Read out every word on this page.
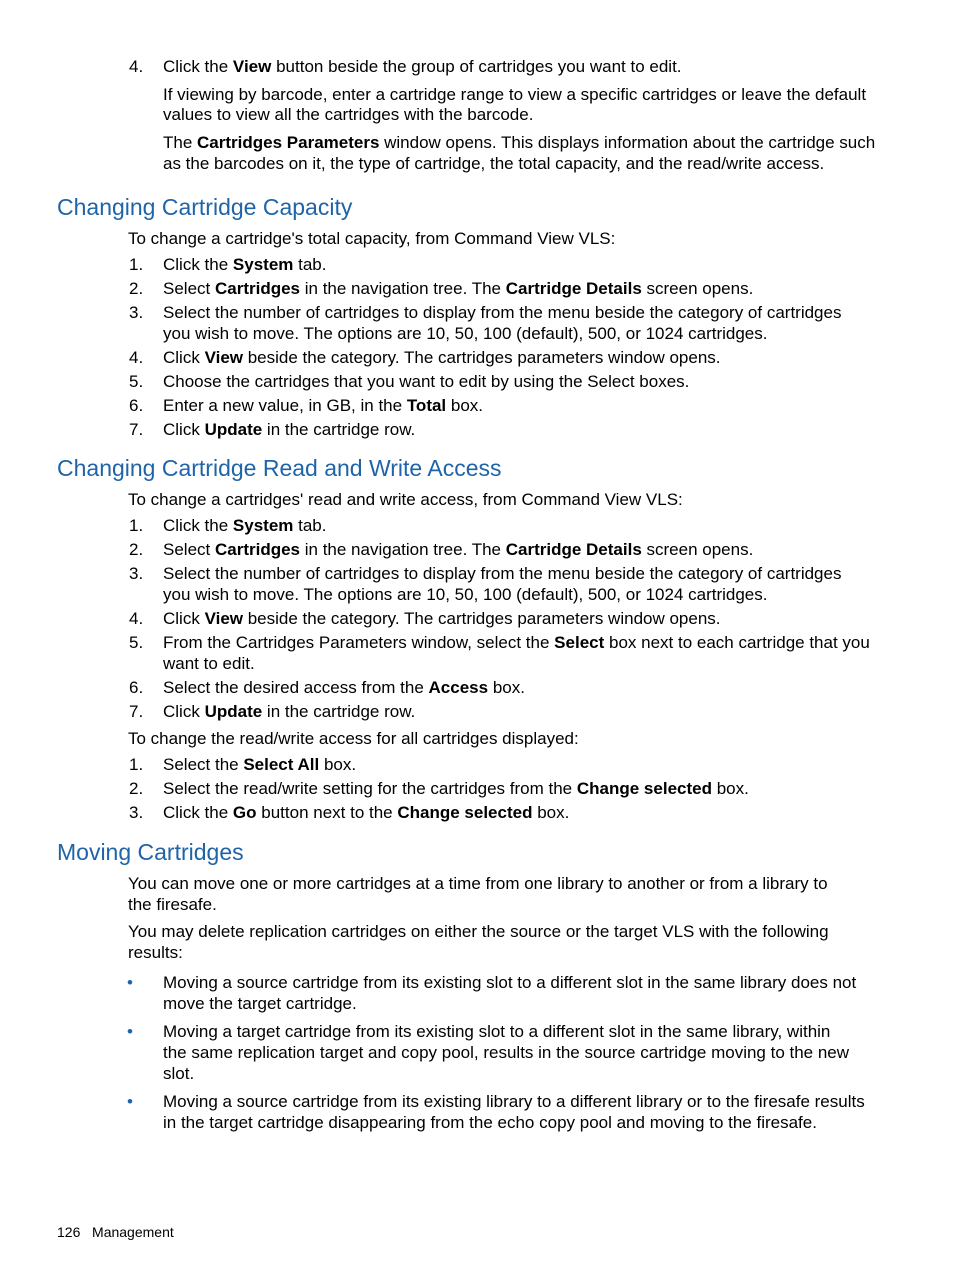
4. Click the View button beside the group of cartridges you want to edit.
If viewing by barcode, enter a cartridge range to view a specific cartridges or leave the default
values to view all the cartridges with the barcode.
The Cartridges Parameters window opens. This displays information about the cartridge such
as the barcodes on it, the type of cartridge, the total capacity, and the read/write access.
Changing Cartridge Capacity
To change a cartridge's total capacity, from Command View VLS:
1. Click the System tab.
2. Select Cartridges in the navigation tree. The Cartridge Details screen opens.
3. Select the number of cartridges to display from the menu beside the category of cartridges
you wish to move. The options are 10, 50, 100 (default), 500, or 1024 cartridges.
4. Click View beside the category. The cartridges parameters window opens.
5. Choose the cartridges that you want to edit by using the Select boxes.
6. Enter a new value, in GB, in the Total box.
7. Click Update in the cartridge row.
Changing Cartridge Read and Write Access
To change a cartridges' read and write access, from Command View VLS:
1. Click the System tab.
2. Select Cartridges in the navigation tree. The Cartridge Details screen opens.
3. Select the number of cartridges to display from the menu beside the category of cartridges
you wish to move. The options are 10, 50, 100 (default), 500, or 1024 cartridges.
4. Click View beside the category. The cartridges parameters window opens.
5. From the Cartridges Parameters window, select the Select box next to each cartridge that you
want to edit.
6. Select the desired access from the Access box.
7. Click Update in the cartridge row.
To change the read/write access for all cartridges displayed:
1. Select the Select All box.
2. Select the read/write setting for the cartridges from the Change selected box.
3. Click the Go button next to the Change selected box.
Moving Cartridges
You can move one or more cartridges at a time from one library to another or from a library to
the firesafe.
You may delete replication cartridges on either the source or the target VLS with the following
results:
• Moving a source cartridge from its existing slot to a different slot in the same library does not
move the target cartridge.
• Moving a target cartridge from its existing slot to a different slot in the same library, within
the same replication target and copy pool, results in the source cartridge moving to the new
slot.
• Moving a source cartridge from its existing library to a different library or to the firesafe results
in the target cartridge disappearing from the echo copy pool and moving to the firesafe.
126 Management
